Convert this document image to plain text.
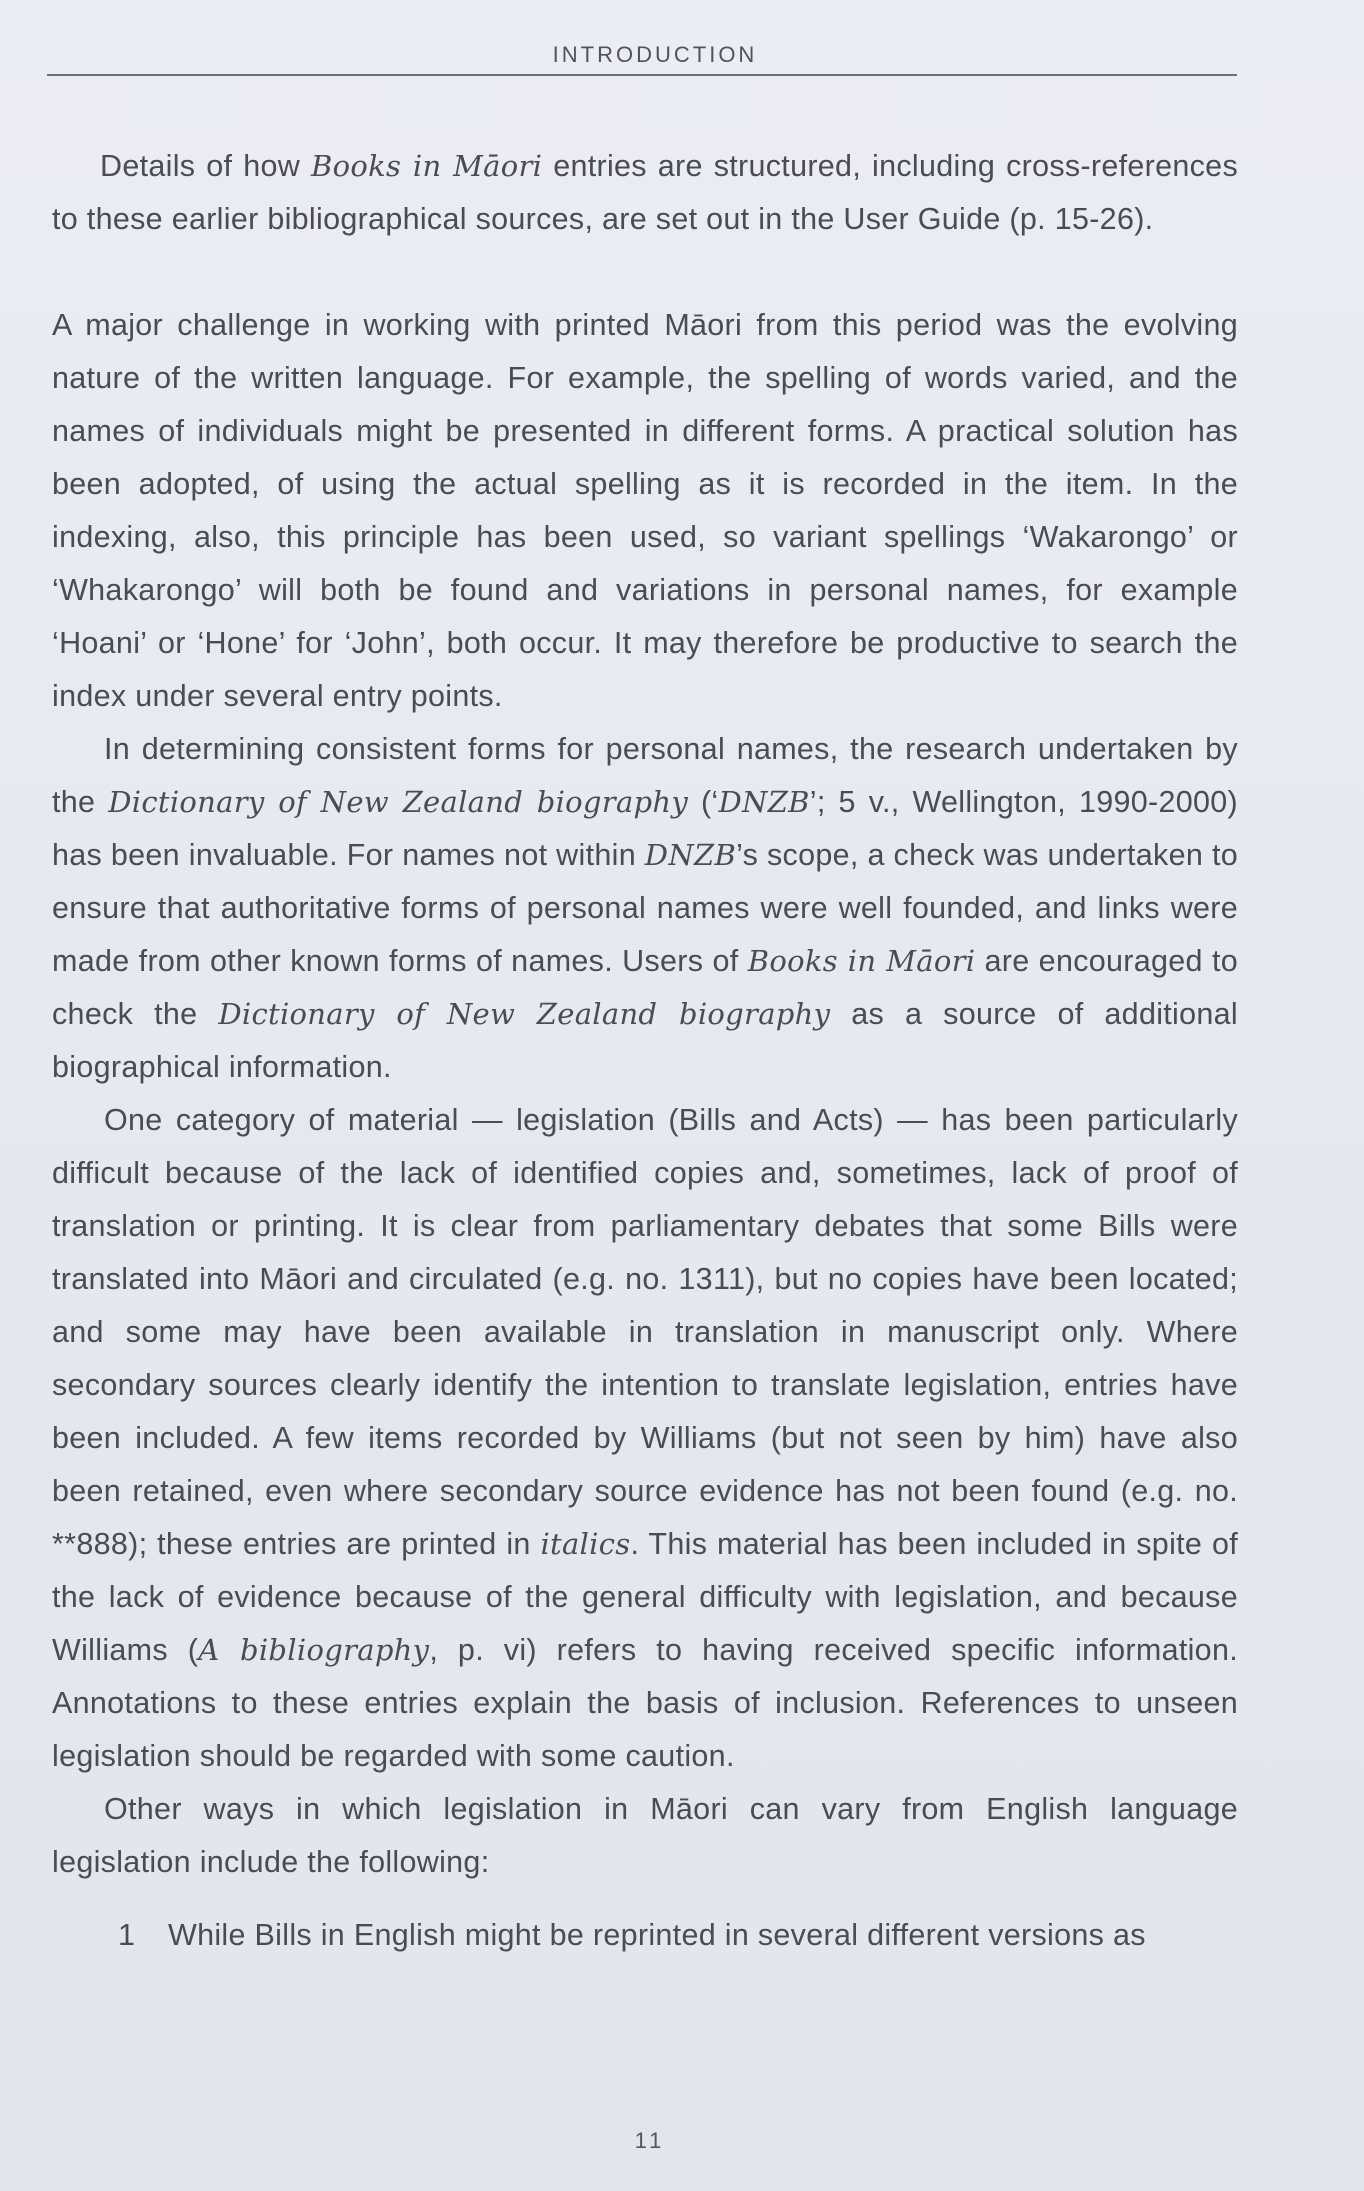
INTRODUCTION

Details of how Books in Māori entries are structured, including cross-references to these earlier bibliographical sources, are set out in the User Guide (p. 15-26).

A major challenge in working with printed Māori from this period was the evolving nature of the written language. For example, the spelling of words varied, and the names of individuals might be presented in different forms. A practical solution has been adopted, of using the actual spelling as it is recorded in the item. In the indexing, also, this principle has been used, so variant spellings ‘Wakarongo’ or ‘Whakarongo’ will both be found and variations in personal names, for example ‘Hoani’ or ‘Hone’ for ‘John’, both occur. It may therefore be productive to search the index under several entry points.

In determining consistent forms for personal names, the research undertaken by the Dictionary of New Zealand biography (‘DNZB’; 5 v., Wellington, 1990-2000) has been invaluable. For names not within DNZB’s scope, a check was undertaken to ensure that authoritative forms of personal names were well founded, and links were made from other known forms of names. Users of Books in Māori are encouraged to check the Dictionary of New Zealand biography as a source of additional biographical information.

One category of material — legislation (Bills and Acts) — has been particularly difficult because of the lack of identified copies and, sometimes, lack of proof of translation or printing. It is clear from parliamentary debates that some Bills were translated into Māori and circulated (e.g. no. 1311), but no copies have been located; and some may have been available in translation in manuscript only. Where secondary sources clearly identify the intention to translate legislation, entries have been included. A few items recorded by Williams (but not seen by him) have also been retained, even where secondary source evidence has not been found (e.g. no. **888); these entries are printed in italics. This material has been included in spite of the lack of evidence because of the general difficulty with legislation, and because Williams (A bibliography, p. vi) refers to having received specific information. Annotations to these entries explain the basis of inclusion. References to unseen legislation should be regarded with some caution.

Other ways in which legislation in Māori can vary from English language legislation include the following:

1	While Bills in English might be reprinted in several different versions as
11
